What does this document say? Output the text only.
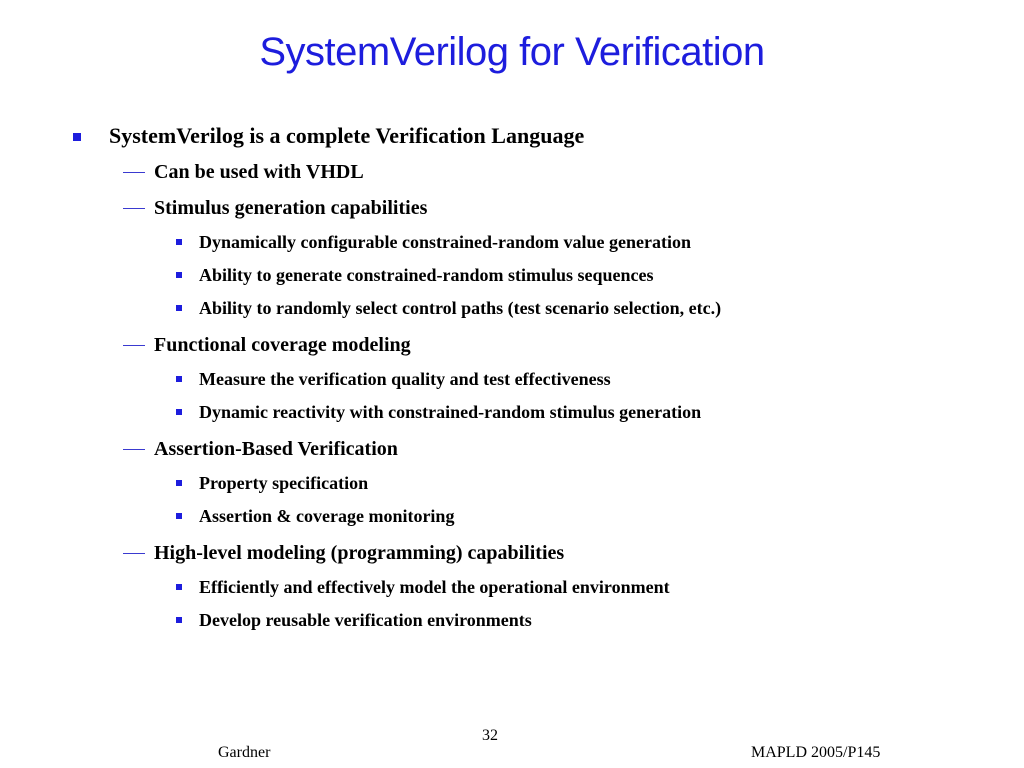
SystemVerilog for Verification
SystemVerilog is a complete Verification Language
Can be used with VHDL
Stimulus generation capabilities
Dynamically configurable constrained-random value generation
Ability to generate constrained-random stimulus sequences
Ability to randomly select control paths (test scenario selection, etc.)
Functional coverage modeling
Measure the verification quality and test effectiveness
Dynamic reactivity with constrained-random stimulus generation
Assertion-Based Verification
Property specification
Assertion & coverage monitoring
High-level modeling (programming) capabilities
Efficiently and effectively model the operational environment
Develop reusable verification environments
32
Gardner	MAPLD 2005/P145
